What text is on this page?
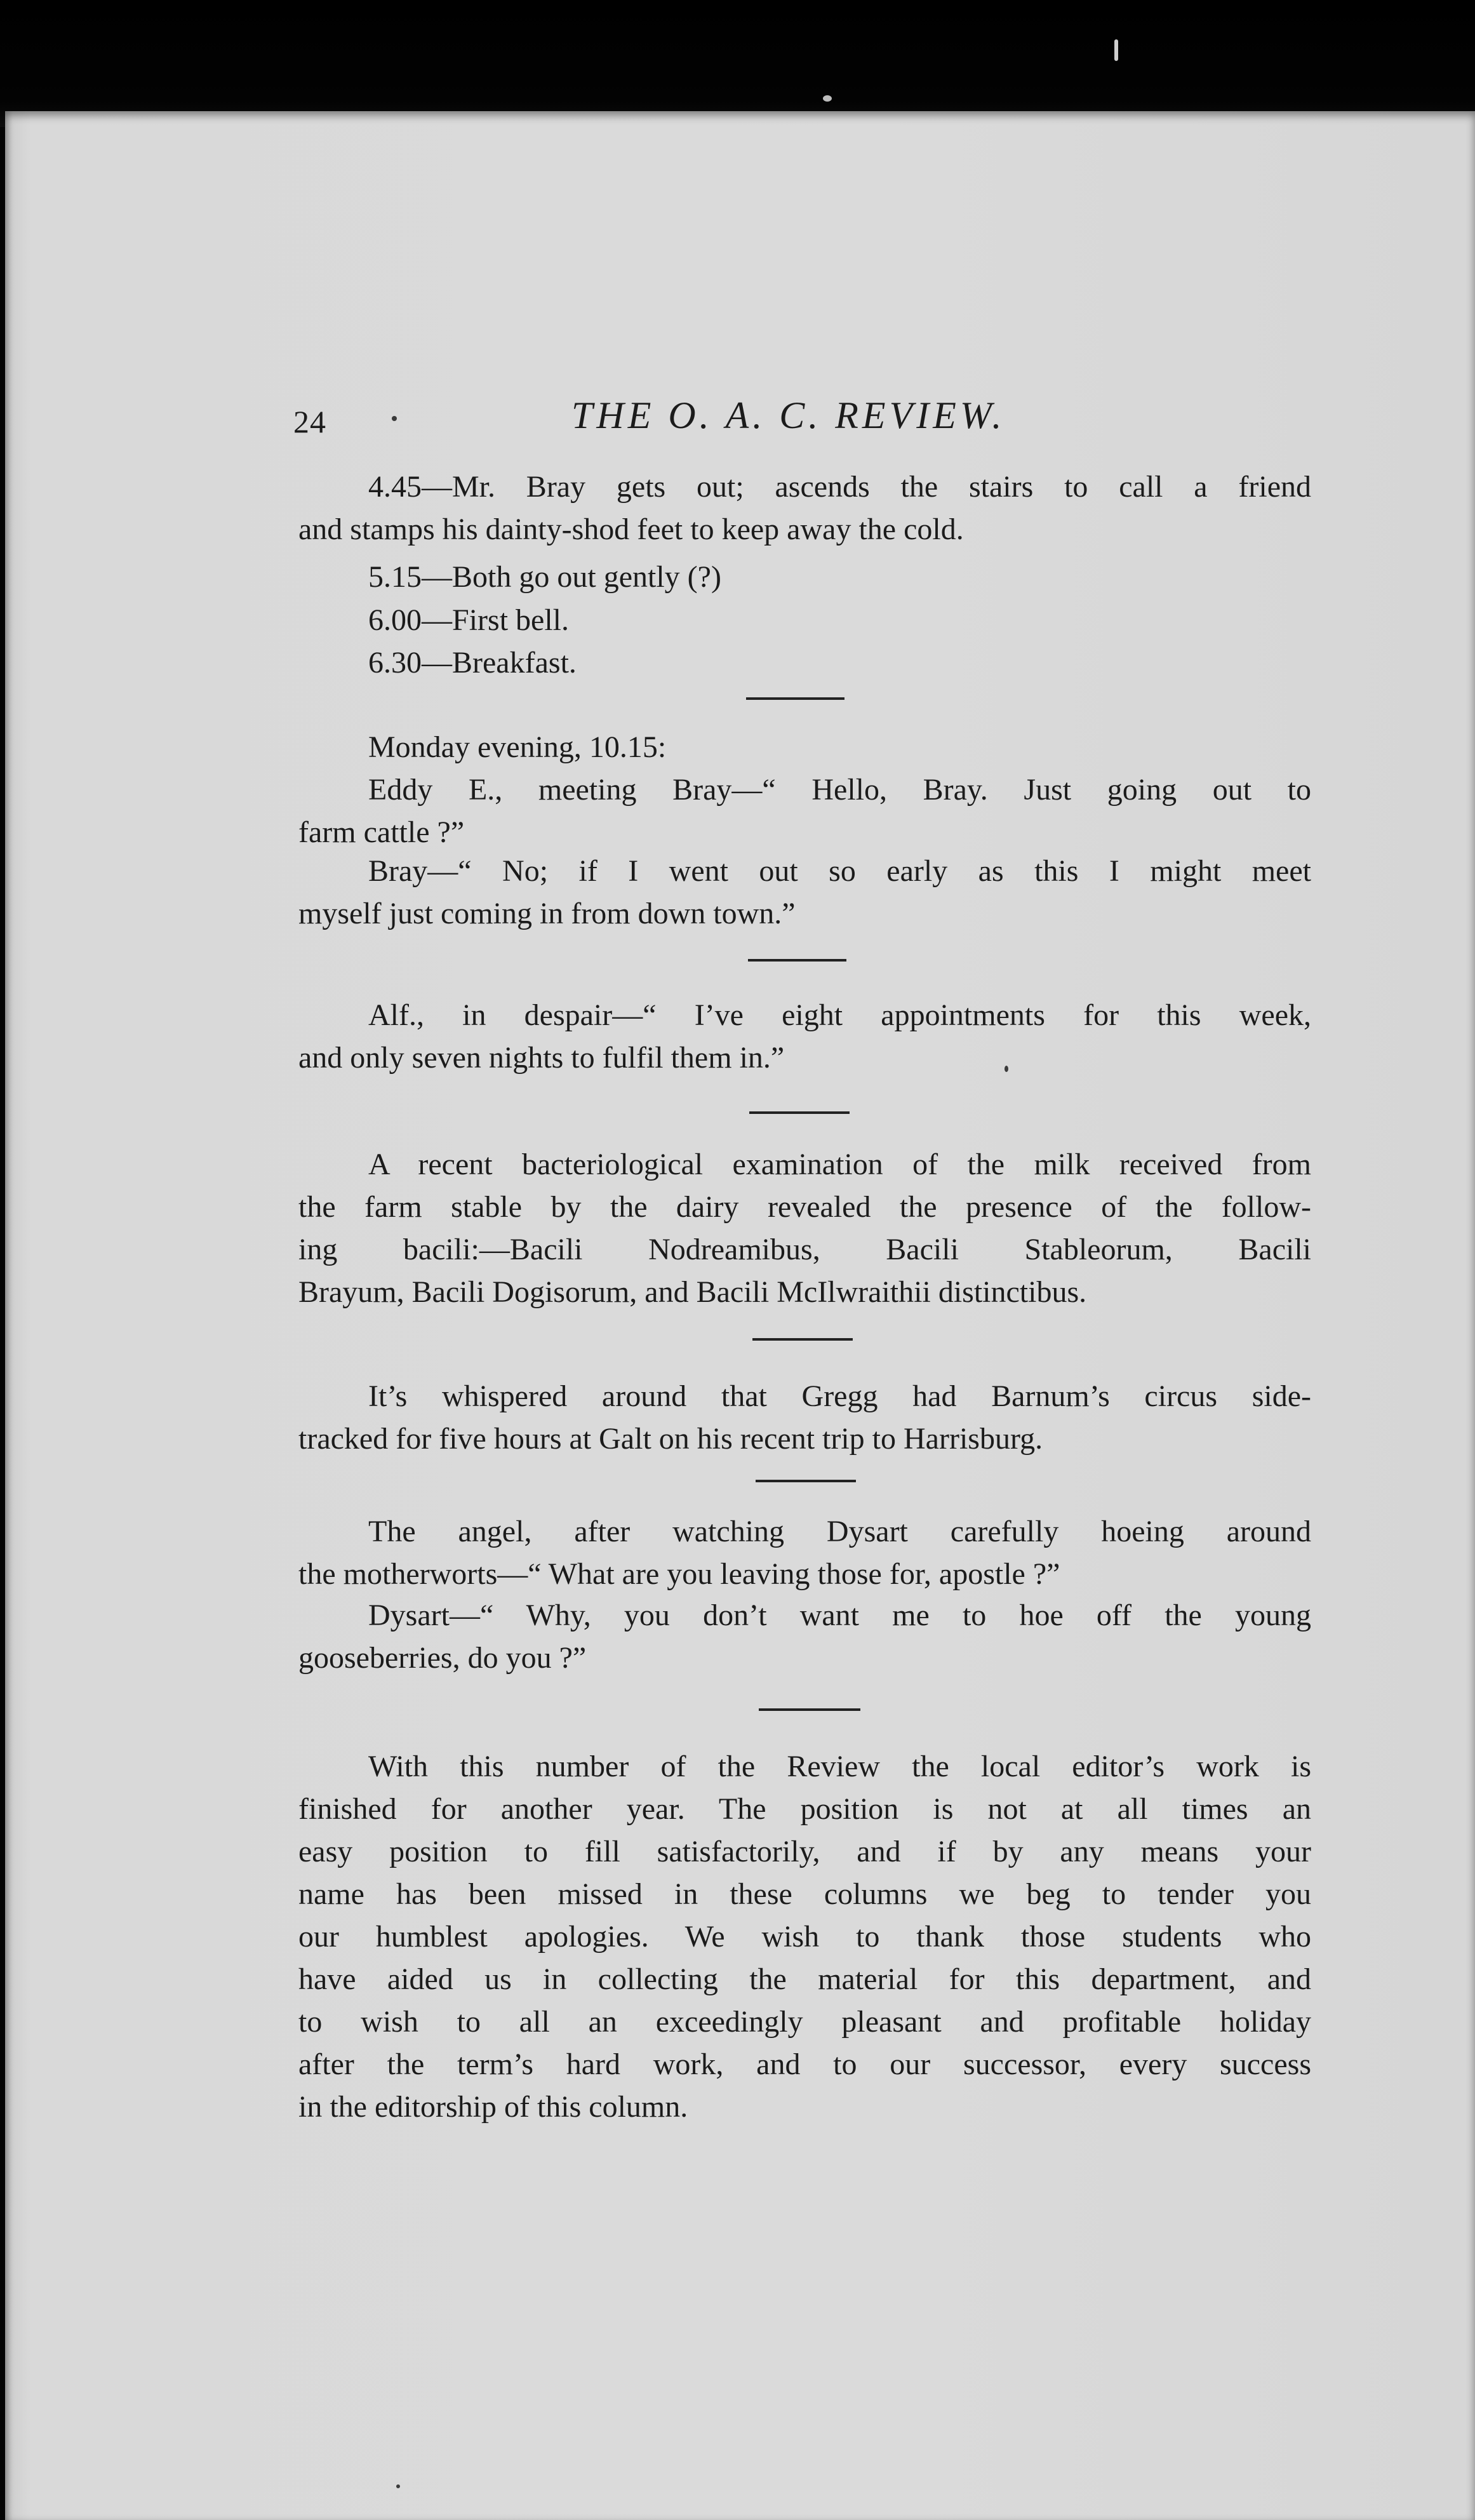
24	THE O. A. C. REVIEW.
4.45—Mr. Bray gets out; ascends the stairs to call a friend
and stamps his dainty-shod feet to keep away the cold.
5.15—Both go out gently (?)
6.00—First bell.
6.30—Breakfast.
Monday evening, 10.15:
Eddy E., meeting Bray—“ Hello, Bray. Just going out to
farm cattle ?”
Bray—“ No; if I went out so early as this I might meet
myself just coming in from down town.”
Alf., in despair—“ I’ve eight appointments for this week,
and only seven nights to fulfil them in.”
A recent bacteriological examination of the milk received from
the farm stable by the dairy revealed the presence of the follow-
ing bacili:—Bacili Nodreamibus, Bacili Stableorum, Bacili
Brayum, Bacili Dogisorum, and Bacili McIlwraithii distinctibus.
It’s whispered around that Gregg had Barnum’s circus side-
tracked for five hours at Galt on his recent trip to Harrisburg.
The angel, after watching Dysart carefully hoeing around
the motherworts—“ What are you leaving those for, apostle ?”
Dysart—“ Why, you don’t want me to hoe off the young
gooseberries, do you ?”
With this number of the Review the local editor’s work is
finished for another year. The position is not at all times an
easy position to fill satisfactorily, and if by any means your
name has been missed in these columns we beg to tender you
our humblest apologies. We wish to thank those students who
have aided us in collecting the material for this department, and
to wish to all an exceedingly pleasant and profitable holiday
after the term’s hard work, and to our successor, every success
in the editorship of this column.
